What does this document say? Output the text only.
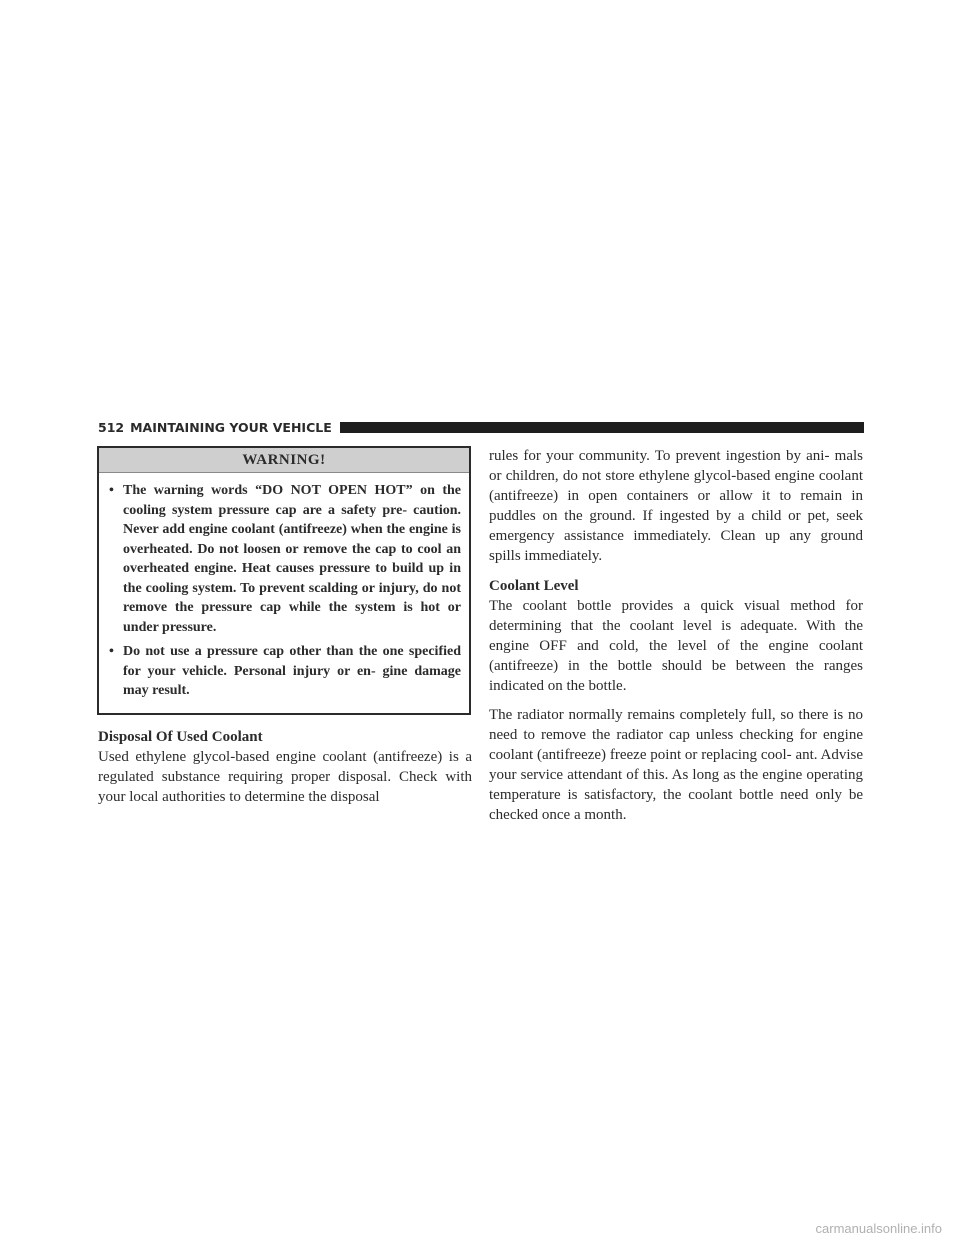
512 MAINTAINING YOUR VEHICLE
WARNING!
• The warning words “DO NOT OPEN HOT” on the cooling system pressure cap are a safety pre- caution. Never add engine coolant (antifreeze) when the engine is overheated. Do not loosen or remove the cap to cool an overheated engine. Heat causes pressure to build up in the cooling system. To prevent scalding or injury, do not remove the pressure cap while the system is hot or under pressure.
• Do not use a pressure cap other than the one specified for your vehicle. Personal injury or en- gine damage may result.
Disposal Of Used Coolant

Used ethylene glycol-based engine coolant (antifreeze) is a regulated substance requiring proper disposal. Check with your local authorities to determine the disposal

rules for your community. To prevent ingestion by ani- mals or children, do not store ethylene glycol-based engine coolant (antifreeze) in open containers or allow it to remain in puddles on the ground. If ingested by a child or pet, seek emergency assistance immediately. Clean up any ground spills immediately.

Coolant Level

The coolant bottle provides a quick visual method for determining that the coolant level is adequate. With the engine OFF and cold, the level of the engine coolant (antifreeze) in the bottle should be between the ranges indicated on the bottle.

The radiator normally remains completely full, so there is no need to remove the radiator cap unless checking for engine coolant (antifreeze) freeze point or replacing cool- ant. Advise your service attendant of this. As long as the engine operating temperature is satisfactory, the coolant bottle need only be checked once a month.

carmanualsonline.info
